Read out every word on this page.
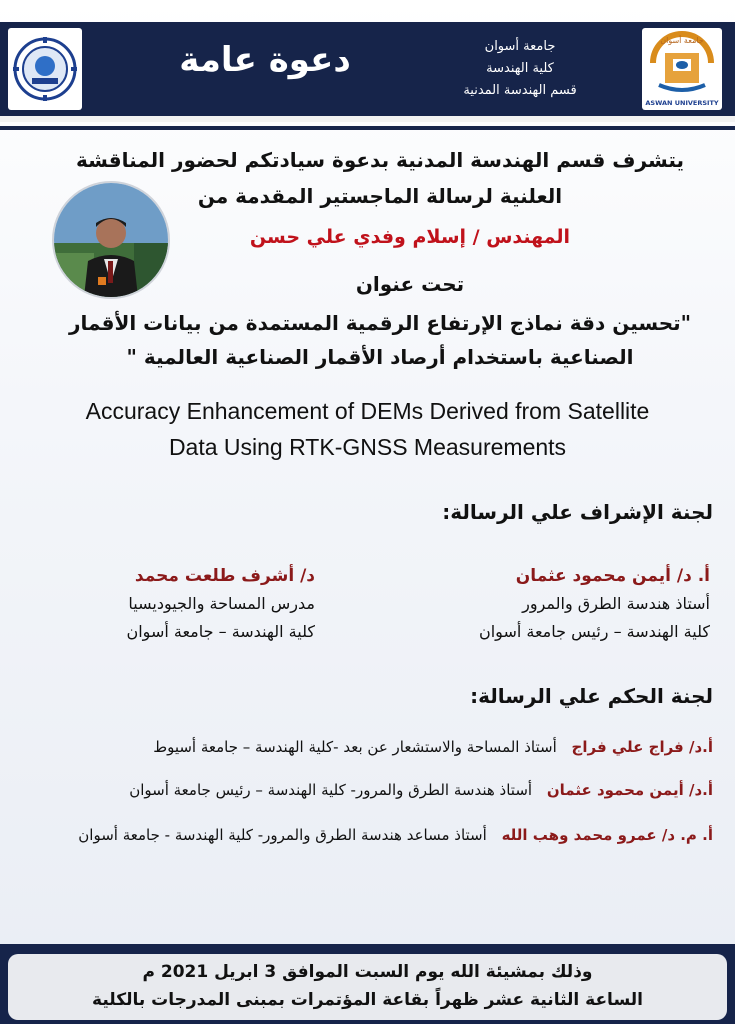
دعوة عامة	جامعة أسوان
كلية الهندسة
قسم الهندسة المدنية
جامعة أسوان
ASWAN UNIVERSITY
يتشرف قسم الهندسة المدنية بدعوة سيادتكم لحضور المناقشة
العلنية لرسالة الماجستير المقدمة من
المهندس / إسلام وفدي علي حسن
تحت عنوان
"تحسين دقة نماذج الإرتفاع الرقمية المستمدة من بيانات الأقمار
الصناعية باستخدام أرصاد الأقمار الصناعية العالمية "
Accuracy Enhancement of DEMs Derived from Satellite
Data Using RTK-GNSS Measurements
لجنة الإشراف علي الرسالة:
أ. د/ أيمن محمود عثمان
أستاذ هندسة الطرق والمرور
كلية الهندسة – رئيس جامعة أسوان
د/ أشرف طلعت محمد
مدرس المساحة والجيوديسيا
كلية الهندسة – جامعة أسوان
لجنة الحكم علي الرسالة:
أ.د/ فراج علي فراج أستاذ المساحة والاستشعار عن بعد -كلية الهندسة – جامعة أسيوط
أ.د/ أيمن محمود عثمان أستاذ هندسة الطرق والمرور- كلية الهندسة – رئيس جامعة أسوان
أ. م. د/ عمرو محمد وهب الله أستاذ مساعد هندسة الطرق والمرور- كلية الهندسة - جامعة أسوان
وذلك بمشيئة الله يوم السبت الموافق 3 ابريل 2021 م
الساعة الثانية عشر ظهراً بقاعة المؤتمرات بمبنى المدرجات بالكلية
